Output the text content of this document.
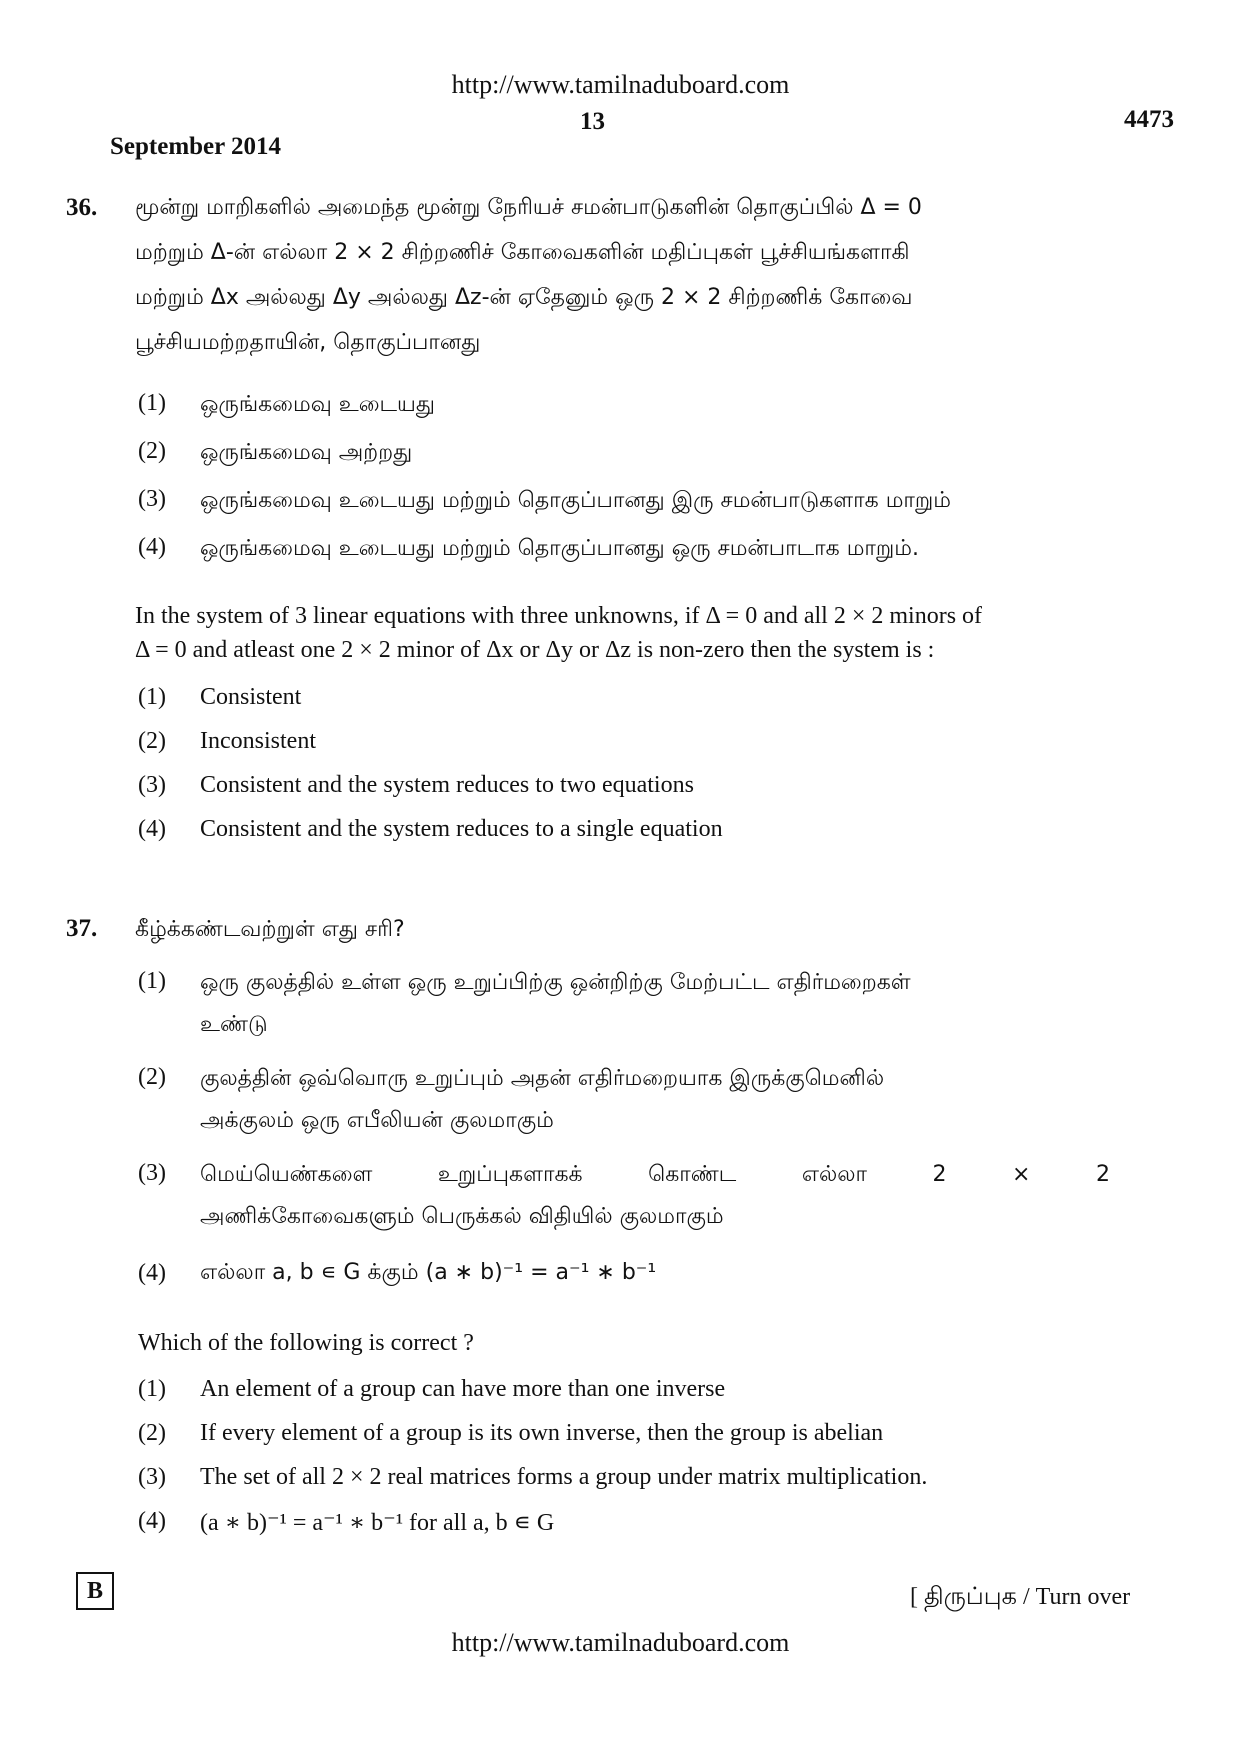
http://www.tamilnaduboard.com
13	4473
September 2014
36. மூன்று மாறிகளில் அமைந்த மூன்று நேரியச் சமன்பாடுகளின் தொகுப்பில் Δ = 0
மற்றும் Δ-ன் எல்லா 2 × 2 சிற்றணிச் கோவைகளின் மதிப்புகள் பூச்சியங்களாகி
மற்றும் Δx அல்லது Δy அல்லது Δz-ன் ஏதேனும் ஒரு 2 × 2 சிற்றணிக் கோவை
பூச்சியமற்றதாயின், தொகுப்பானது
(1) ஒருங்கமைவு உடையது
(2) ஒருங்கமைவு அற்றது
(3) ஒருங்கமைவு உடையது மற்றும் தொகுப்பானது இரு சமன்பாடுகளாக மாறும்
(4) ஒருங்கமைவு உடையது மற்றும் தொகுப்பானது ஒரு சமன்பாடாக மாறும்.
In the system of 3 linear equations with three unknowns, if Δ = 0 and all 2 × 2 minors of
Δ = 0 and atleast one 2 × 2 minor of Δx or Δy or Δz is non-zero then the system is :
(1) Consistent
(2) Inconsistent
(3) Consistent and the system reduces to two equations
(4) Consistent and the system reduces to a single equation
37. கீழ்க்கண்டவற்றுள் எது சரி?
(1) ஒரு குலத்தில் உள்ள ஒரு உறுப்பிற்கு ஒன்றிற்கு மேற்பட்ட எதிர்மறைகள்
உண்டு
(2) குலத்தின் ஒவ்வொரு உறுப்பும் அதன் எதிர்மறையாக இருக்குமெனில்
அக்குலம் ஒரு எபீலியன் குலமாகும்
(3) மெய்யெண்களை உறுப்புகளாகக் கொண்ட எல்லா 2 × 2
அணிக்கோவைகளும் பெருக்கல் விதியில் குலமாகும்
(4) எல்லா a, b ∊ G க்கும் (a ∗ b)⁻¹ = a⁻¹ ∗ b⁻¹
Which of the following is correct ?
(1) An element of a group can have more than one inverse
(2) If every element of a group is its own inverse, then the group is abelian
(3) The set of all 2 × 2 real matrices forms a group under matrix multiplication.
(4) (a ∗ b)⁻¹ = a⁻¹ ∗ b⁻¹ for all a, b ∊ G
B	[ திருப்புக / Turn over
http://www.tamilnaduboard.com
